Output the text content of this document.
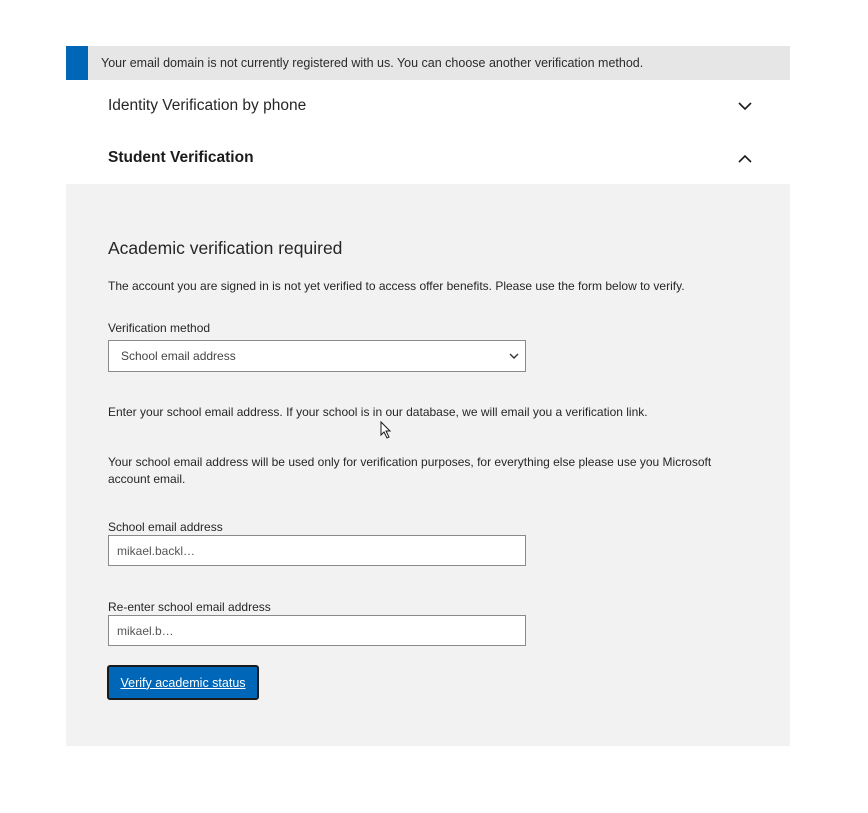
Your email domain is not currently registered with us. You can choose another verification method.
Identity Verification by phone
Student Verification
Academic verification required

The account you are signed in is not yet verified to access offer benefits. Please use the form below to verify.

Verification method
School email address

Enter your school email address. If your school is in our database, we will email you a verification link.

Your school email address will be used only for verification purposes, for everything else please use you Microsoft account email.

School email address
mikael.backl…
Re-enter school email address
mikael.b…
Verify academic status
